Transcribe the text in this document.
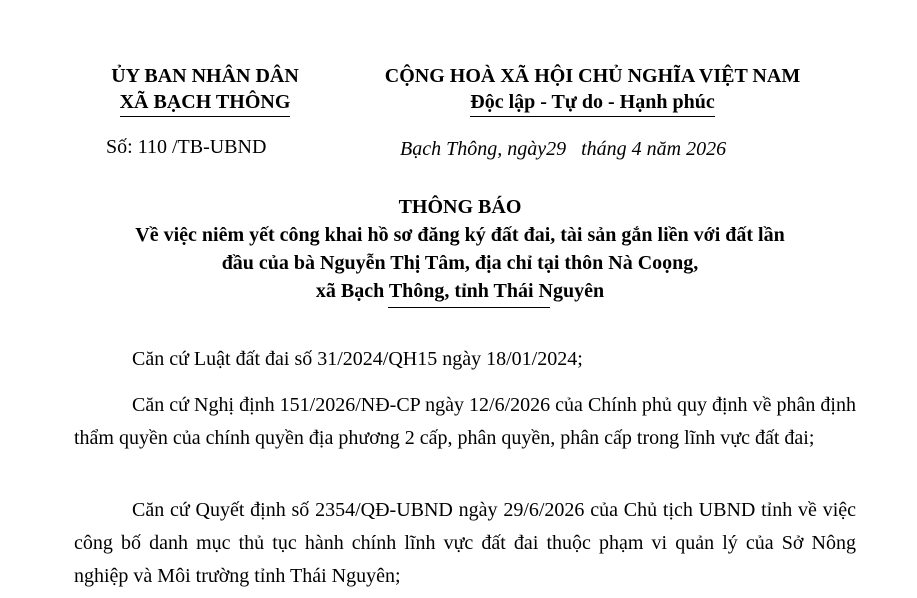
ỦY BAN NHÂN DÂN
XÃ BẠCH THÔNG
CỘNG HOÀ XÃ HỘI CHỦ NGHĨA VIỆT NAM
Độc lập - Tự do - Hạnh phúc
Số: 110 /TB-UBND	Bạch Thông, ngày29   tháng 4 năm 2026
THÔNG BÁO
Về việc niêm yết công khai hồ sơ đăng ký đất đai, tài sản gắn liền với đất lần
đầu của bà Nguyễn Thị Tâm, địa chỉ tại thôn Nà Coọng,
xã Bạch Thông, tỉnh Thái Nguyên
Căn cứ Luật đất đai số 31/2024/QH15 ngày 18/01/2024;
Căn cứ Nghị định 151/2026/NĐ-CP ngày 12/6/2026 của Chính phủ quy định về phân định thẩm quyền của chính quyền địa phương 2 cấp, phân quyền, phân cấp trong lĩnh vực đất đai;
Căn cứ Quyết định số 2354/QĐ-UBND ngày 29/6/2026 của Chủ tịch UBND tỉnh về việc công bố danh mục thủ tục hành chính lĩnh vực đất đai thuộc phạm vi quản lý của Sở Nông nghiệp và Môi trường tỉnh Thái Nguyên;
